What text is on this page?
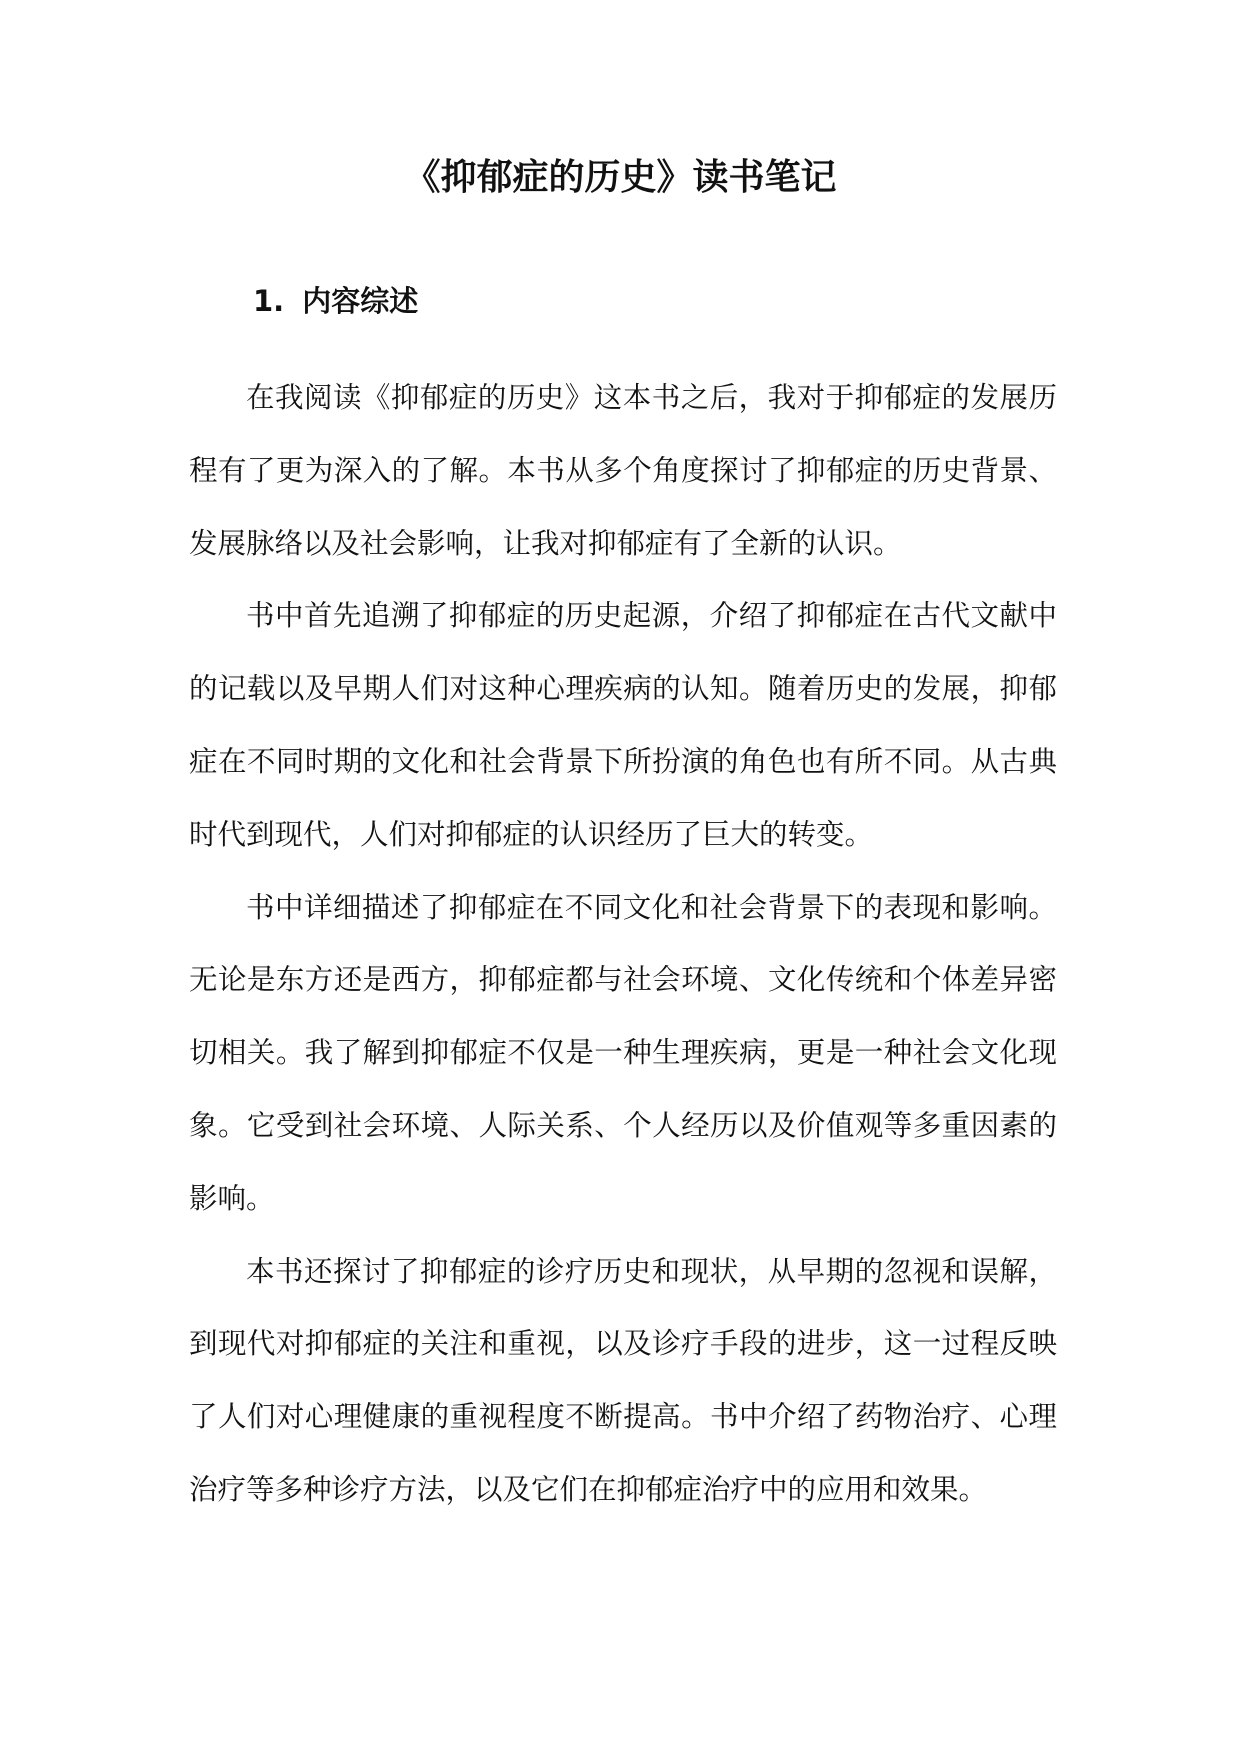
《抑郁症的历史》读书笔记
1. 内容综述

在我阅读《抑郁症的历史》这本书之后，我对于抑郁症的发展历程有了更为深入的了解。本书从多个角度探讨了抑郁症的历史背景、发展脉络以及社会影响，让我对抑郁症有了全新的认识。

书中首先追溯了抑郁症的历史起源，介绍了抑郁症在古代文献中的记载以及早期人们对这种心理疾病的认知。随着历史的发展，抑郁症在不同时期的文化和社会背景下所扮演的角色也有所不同。从古典时代到现代，人们对抑郁症的认识经历了巨大的转变。

书中详细描述了抑郁症在不同文化和社会背景下的表现和影响。无论是东方还是西方，抑郁症都与社会环境、文化传统和个体差异密切相关。我了解到抑郁症不仅是一种生理疾病，更是一种社会文化现象。它受到社会环境、人际关系、个人经历以及价值观等多重因素的影响。

本书还探讨了抑郁症的诊疗历史和现状，从早期的忽视和误解，到现代对抑郁症的关注和重视，以及诊疗手段的进步，这一过程反映了人们对心理健康的重视程度不断提高。书中介绍了药物治疗、心理治疗等多种诊疗方法，以及它们在抑郁症治疗中的应用和效果。
